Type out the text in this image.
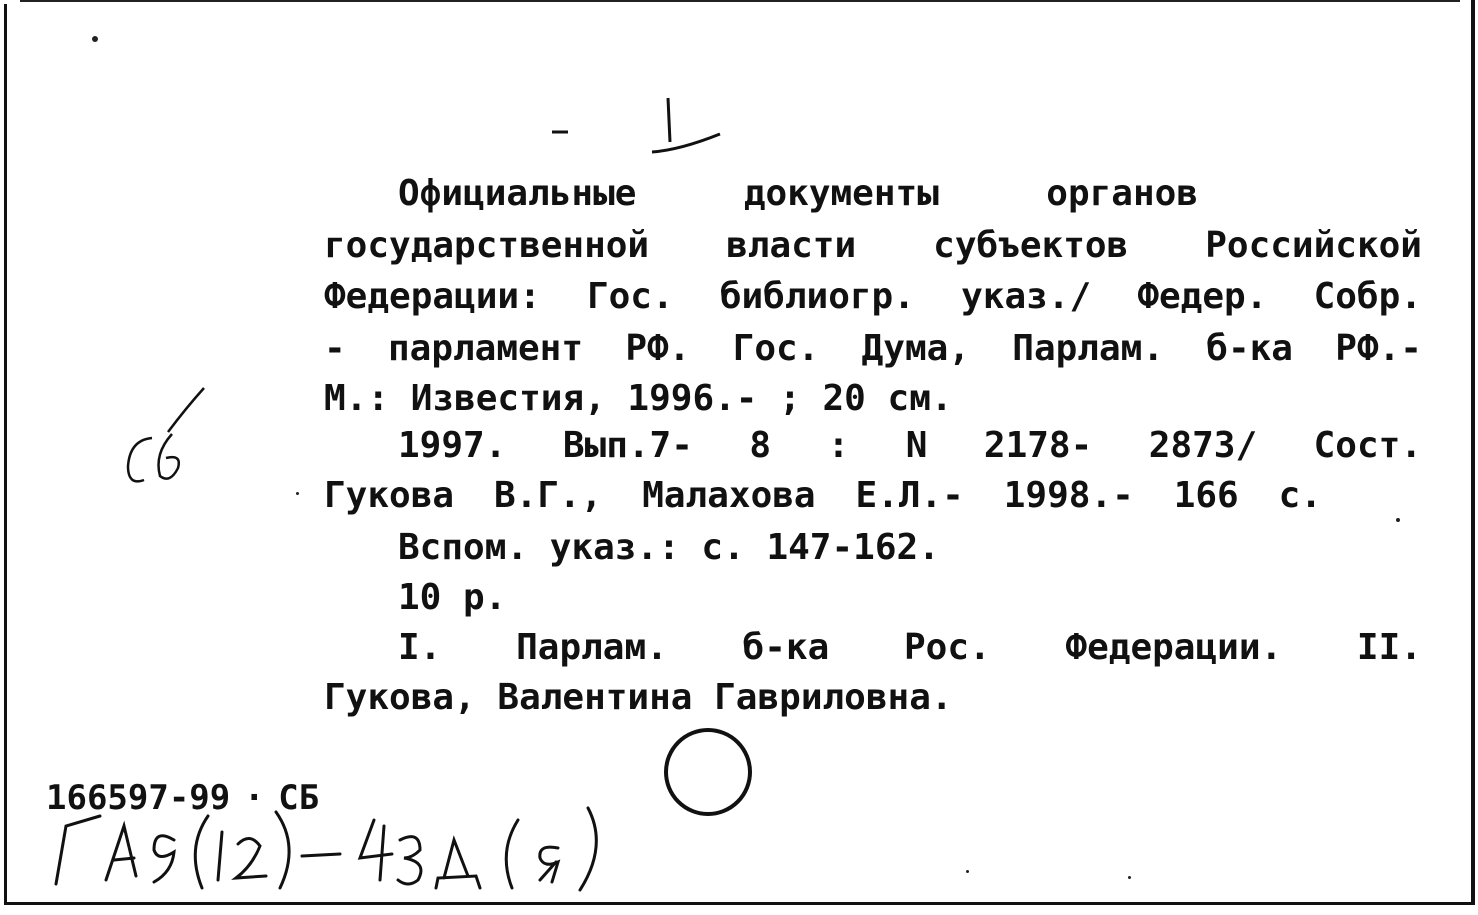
Официальные	документы	органов
государственной власти субъектов Российской
Федерации: Гос. библиогр. указ./ Федер. Собр.
- парламент РФ. Гос. Дума, Парлам. б-ка РФ.-
М.: Известия, 1996.- ; 20 см.
1997. Вып.7- 8 : N 2178- 2873/ Сост.
Гукова В.Г., Малахова Е.Л.- 1998.- 166 с.
Вспом. указ.: с. 147-162.
10 р.
I. Парлам. б-ка Рос. Федерации. II.
Гукова, Валентина Гавриловна.
166597-99 · СБ
